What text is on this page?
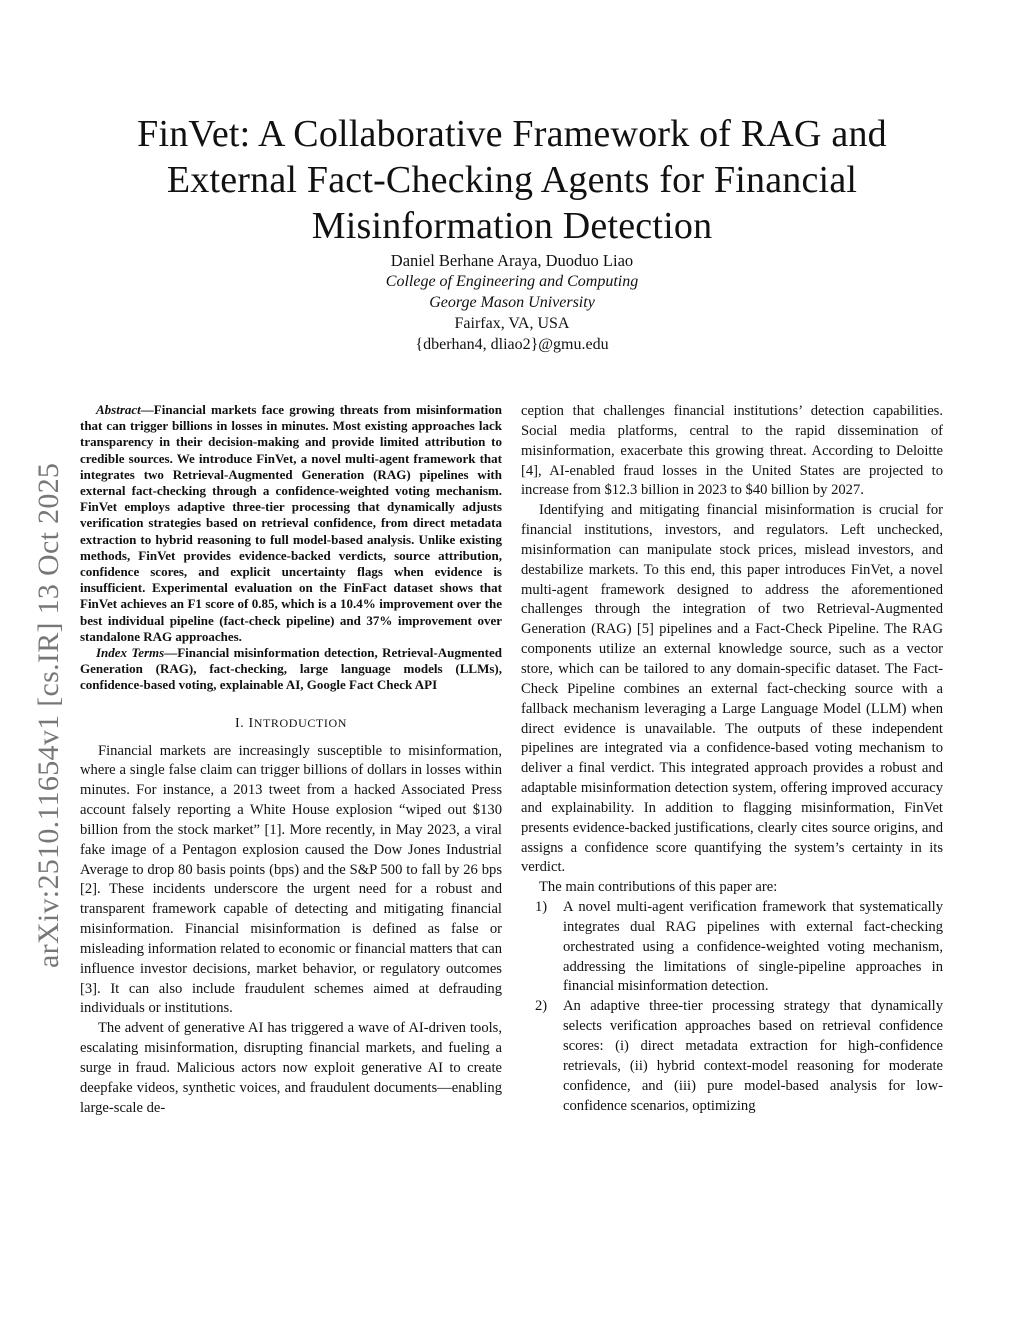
FinVet: A Collaborative Framework of RAG and External Fact-Checking Agents for Financial Misinformation Detection
Daniel Berhane Araya, Duoduo Liao
College of Engineering and Computing
George Mason University
Fairfax, VA, USA
{dberhan4, dliao2}@gmu.edu
arXiv:2510.11654v1 [cs.IR] 13 Oct 2025

Abstract—Financial markets face growing threats from misinformation that can trigger billions in losses in minutes. Most existing approaches lack transparency in their decision-making and provide limited attribution to credible sources. We introduce FinVet, a novel multi-agent framework that integrates two Retrieval-Augmented Generation (RAG) pipelines with external fact-checking through a confidence-weighted voting mechanism. FinVet employs adaptive three-tier processing that dynamically adjusts verification strategies based on retrieval confidence, from direct metadata extraction to hybrid reasoning to full model-based analysis. Unlike existing methods, FinVet provides evidence-backed verdicts, source attribution, confidence scores, and explicit uncertainty flags when evidence is insufficient. Experimental evaluation on the FinFact dataset shows that FinVet achieves an F1 score of 0.85, which is a 10.4% improvement over the best individual pipeline (fact-check pipeline) and 37% improvement over standalone RAG approaches.

Index Terms—Financial misinformation detection, Retrieval-Augmented Generation (RAG), fact-checking, large language models (LLMs), confidence-based voting, explainable AI, Google Fact Check API

I. INTRODUCTION

Financial markets are increasingly susceptible to misinformation, where a single false claim can trigger billions of dollars in losses within minutes. For instance, a 2013 tweet from a hacked Associated Press account falsely reporting a White House explosion “wiped out $130 billion from the stock market” [1]. More recently, in May 2023, a viral fake image of a Pentagon explosion caused the Dow Jones Industrial Average to drop 80 basis points (bps) and the S&P 500 to fall by 26 bps [2]. These incidents underscore the urgent need for a robust and transparent framework capable of detecting and mitigating financial misinformation. Financial misinformation is defined as false or misleading information related to economic or financial matters that can influence investor decisions, market behavior, or regulatory outcomes [3]. It can also include fraudulent schemes aimed at defrauding individuals or institutions.

The advent of generative AI has triggered a wave of AI-driven tools, escalating misinformation, disrupting financial markets, and fueling a surge in fraud. Malicious actors now exploit generative AI to create deepfake videos, synthetic voices, and fraudulent documents—enabling large-scale de-

ception that challenges financial institutions’ detection capabilities. Social media platforms, central to the rapid dissemination of misinformation, exacerbate this growing threat. According to Deloitte [4], AI-enabled fraud losses in the United States are projected to increase from $12.3 billion in 2023 to $40 billion by 2027.

Identifying and mitigating financial misinformation is crucial for financial institutions, investors, and regulators. Left unchecked, misinformation can manipulate stock prices, mislead investors, and destabilize markets. To this end, this paper introduces FinVet, a novel multi-agent framework designed to address the aforementioned challenges through the integration of two Retrieval-Augmented Generation (RAG) [5] pipelines and a Fact-Check Pipeline. The RAG components utilize an external knowledge source, such as a vector store, which can be tailored to any domain-specific dataset. The Fact-Check Pipeline combines an external fact-checking source with a fallback mechanism leveraging a Large Language Model (LLM) when direct evidence is unavailable. The outputs of these independent pipelines are integrated via a confidence-based voting mechanism to deliver a final verdict. This integrated approach provides a robust and adaptable misinformation detection system, offering improved accuracy and explainability. In addition to flagging misinformation, FinVet presents evidence-backed justifications, clearly cites source origins, and assigns a confidence score quantifying the system’s certainty in its verdict.

The main contributions of this paper are:

1) A novel multi-agent verification framework that systematically integrates dual RAG pipelines with external fact-checking orchestrated using a confidence-weighted voting mechanism, addressing the limitations of single-pipeline approaches in financial misinformation detection.
2) An adaptive three-tier processing strategy that dynamically selects verification approaches based on retrieval confidence scores: (i) direct metadata extraction for high-confidence retrievals, (ii) hybrid context-model reasoning for moderate confidence, and (iii) pure model-based analysis for low-confidence scenarios, optimizing
